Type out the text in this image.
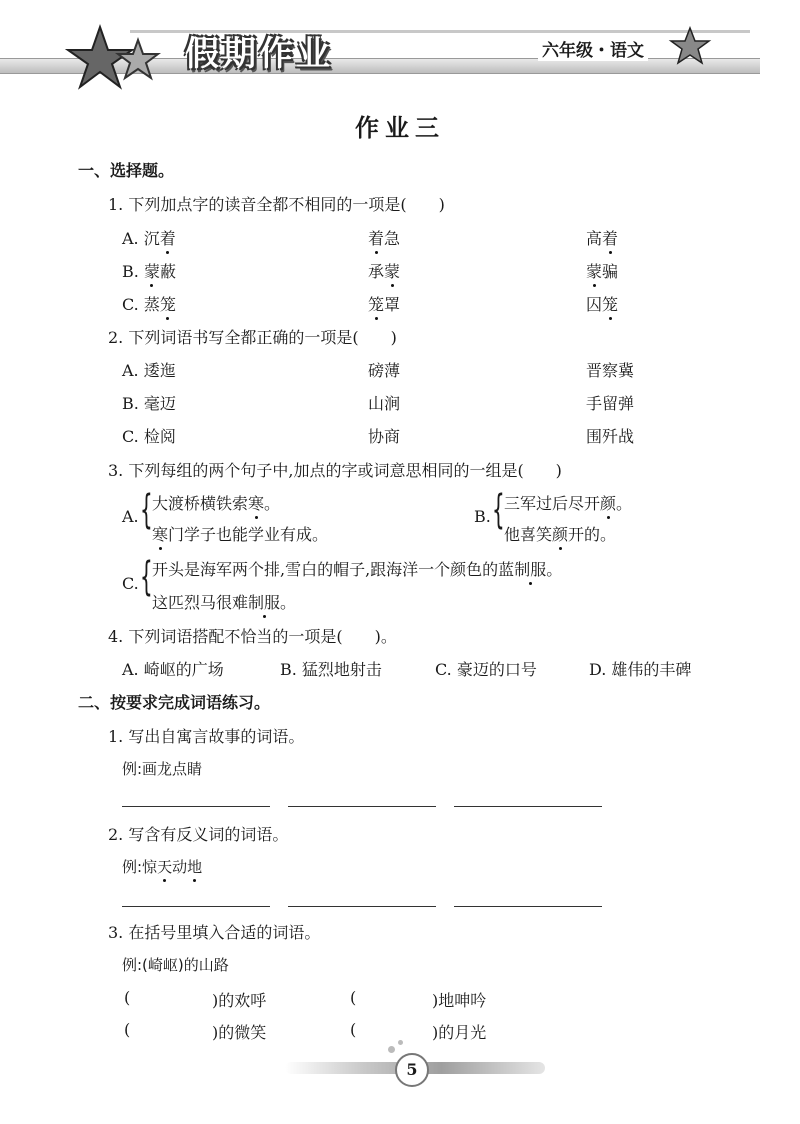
假期作业	六年级・语文
作业三
一、选择题。
1. 下列加点字的读音全都不相同的一项是(　　)
A. 沉着	着急	高着
B. 蒙蔽	承蒙	蒙骗
C. 蒸笼	笼罩	囚笼
2. 下列词语书写全都正确的一项是(　　)
A. 逶迤	磅薄	晋察冀
B. 毫迈	山涧	手留弹
C. 检阅	协商	围歼战
3. 下列每组的两个句子中,加点的字或词意思相同的一组是(　　)
A. { 大渡桥横铁索寒。
寒门学子也能学业有成。
B. { 三军过后尽开颜。
他喜笑颜开的。
C. { 开头是海军两个排,雪白的帽子,跟海洋一个颜色的蓝制服。
这匹烈马很难制服。
4. 下列词语搭配不恰当的一项是(　　)。
A. 崎岖的广场	B. 猛烈地射击	C. 豪迈的口号	D. 雄伟的丰碑
二、按要求完成词语练习。
1. 写出自寓言故事的词语。
例:画龙点睛
2. 写含有反义词的词语。
例:惊天动地
3. 在括号里填入合适的词语。
例:(崎岖)的山路
(	)的欢呼	(	)地呻吟
(	)的微笑	(	)的月光
5
